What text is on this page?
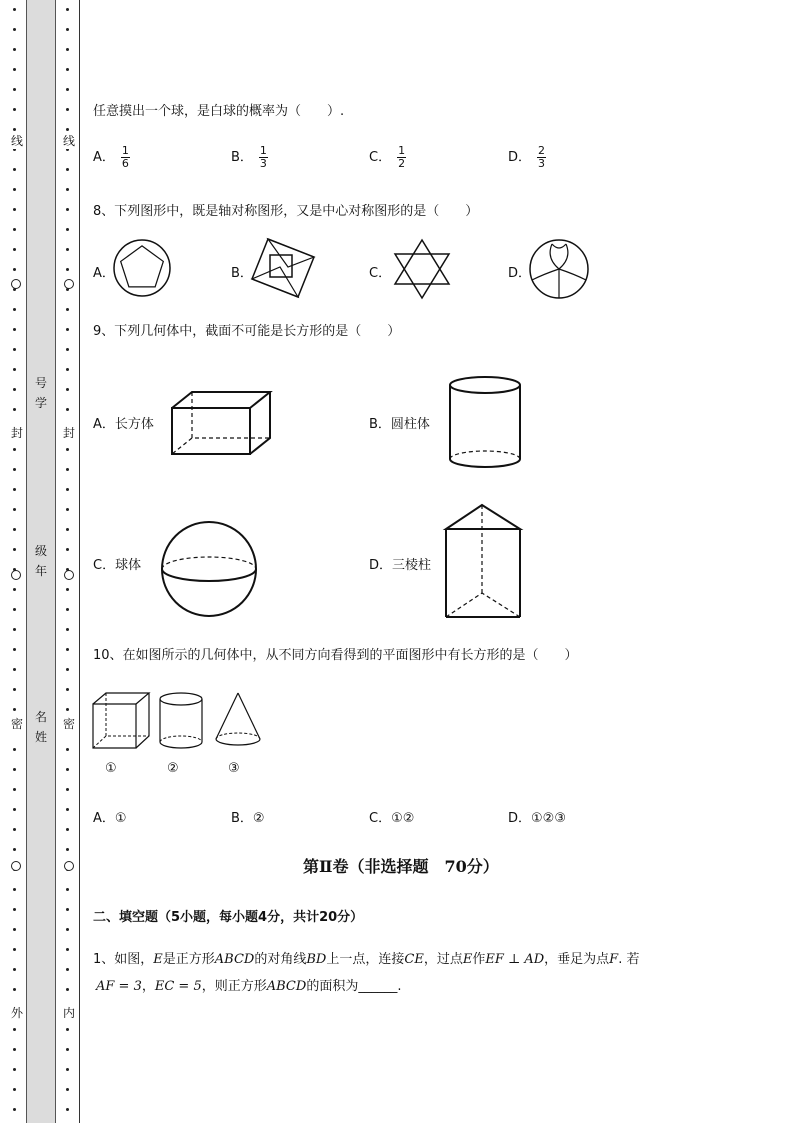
线
封
密
外
线
封
密
内
号
学
级
年
名
姓
任意摸出一个球，是白球的概率为（　　）.
A． $\frac{1}{6}$	B． $\frac{1}{3}$	C． $\frac{1}{2}$	D． $\frac{2}{3}$
8、下列图形中，既是轴对称图形，又是中心对称图形的是（　　）
A．	B．	C．	D．
9、下列几何体中，截面不可能是长方形的是（　　）
A．长方体	B．圆柱体
C．球体	D．三棱柱
10、在如图所示的几何体中，从不同方向看得到的平面图形中有长方形的是（　　）
①	②	③
A．①	B．②	C．①②	D．①②③
第Ⅱ卷（非选择题　70分）
二、填空题（5小题，每小题4分，共计20分）
1、如图，E是正方形ABCD的对角线BD上一点，连接CE，过点E作EF ⊥ AD，垂足为点F. 若
AF = 3，EC = 5，则正方形ABCD的面积为______.
